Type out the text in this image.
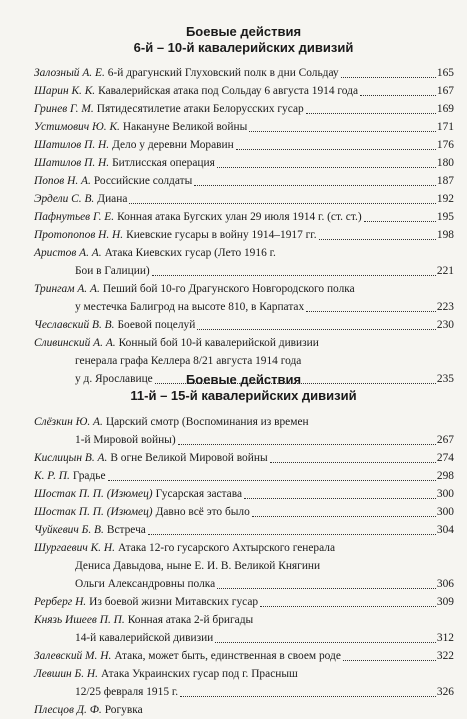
Боевые действия

6-й – 10-й кавалерийских дивизий

Залозный А. Е. 6-й драгунский Глуховский полк в дни Сольдау	165
Шарин К. К. Кавалерийская атака под Сольдау 6 августа 1914 года	167
Гринев Г. М. Пятидесятилетие атаки Белорусских гусар	169
Устимович Ю. К. Накануне Великой войны	171
Шатилов П. Н. Дело у деревни Моравин	176
Шатилов П. Н. Битлисская операция	180
Попов Н. А. Российские солдаты	187
Эрдели С. В. Диана	192
Пафнутьев Г. Е. Конная атака Бугских улан 29 июля 1914 г. (ст. ст.)	195
Протопопов Н. Н. Киевские гусары в войну 1914–1917 гг.	198
Аристов А. А. Атака Киевских гусар (Лето 1916 г.
Бои в Галиции)	221
Трингам А. А. Пеший бой 10-го Драгунского Новгородского полка
у местечка Балигрод на высоте 810, в Карпатах	223
Чеславский В. В. Боевой поцелуй	230
Сливинский А. А. Конный бой 10-й кавалерийской дивизии
генерала графа Келлера 8/21 августа 1914 года
у д. Ярославице	235

Боевые действия

11-й – 15-й кавалерийских дивизий

Слёзкин Ю. А. Царский смотр (Воспоминания из времен
1-й Мировой войны)	267
Кислицын В. А. В огне Великой Мировой войны	274
К. Р. П. Градье	298
Шостак П. П. (Изюмец) Гусарская застава	300
Шостак П. П. (Изюмец) Давно всё это было	300
Чуйкевич Б. В. Встреча	304
Шургаевич К. Н. Атака 12-го гусарского Ахтырского генерала
Дениса Давыдова, ныне Е. И. В. Великой Княгини
Ольги Александровны полка	306
Рерберг Н. Из боевой жизни Митавских гусар	309
Князь Ишеев П. П. Конная атака 2-й бригады
14-й кавалерийской дивизии	312
Залевский М. Н. Атака, может быть, единственная в своем роде	322
Левшин Б. Н. Атака Украинских гусар под г. Прасныш
12/25 февраля 1915 г.	326
Плесцов Д. Ф. Рогувка
